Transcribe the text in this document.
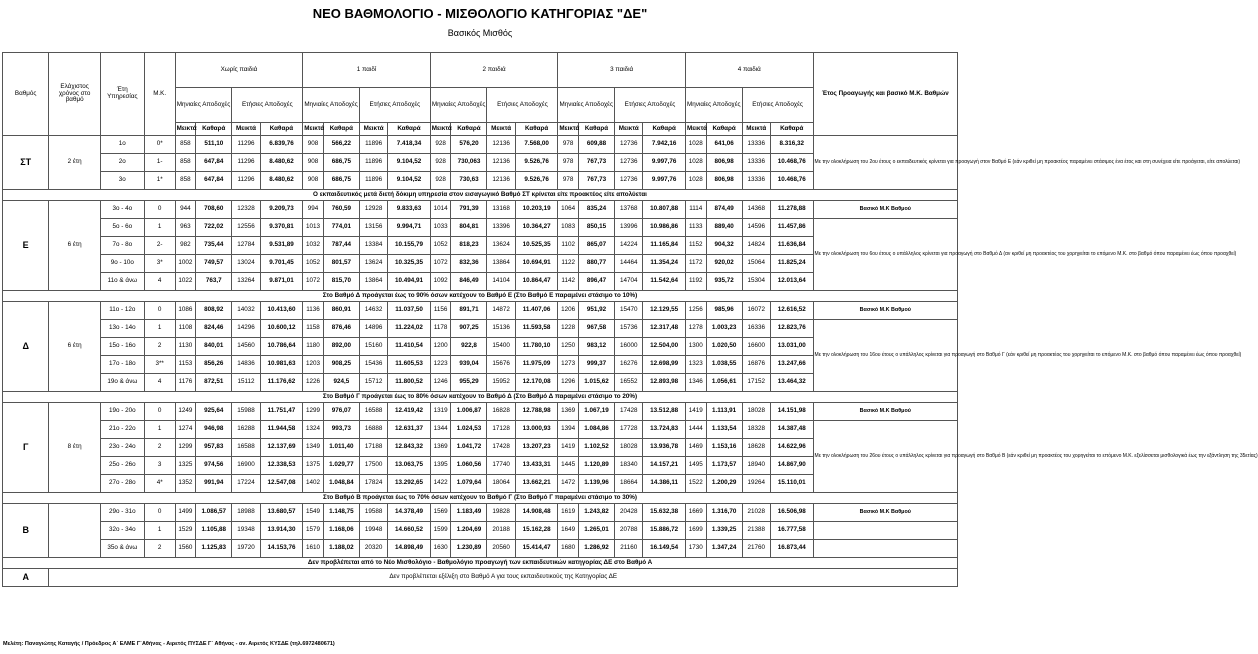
ΝΕΟ ΒΑΘΜΟΛΟΓΙΟ - ΜΙΣΘΟΛΟΓΙΟ ΚΑΤΗΓΟΡΙΑΣ "ΔΕ"
Βασικός Μισθός
Βαθμός	Ελάχιστος χρόνος στο βαθμό	Έτη Υπηρεσίας	Μ.Κ.	Χωρίς παιδιά				1 παιδί				2 παιδιά				3 παιδιά				4 παιδιά				Έτος Προαγωγής και βασικό Μ.Κ. Βαθμών
				Μηνιαίες Αποδοχές		Ετήσιες Αποδοχές		Μηνιαίες Αποδοχές		Ετήσιες Αποδοχές		Μηνιαίες Αποδοχές		Ετήσιες Αποδοχές		Μηνιαίες Αποδοχές		Ετήσιες Αποδοχές		Μηνιαίες Αποδοχές		Ετήσιες Αποδοχές		
				Μεικτά	Καθαρά	Μεικτά	Καθαρά	Μεικτά	Καθαρά	Μεικτά	Καθαρά	Μεικτά	Καθαρά	Μεικτά	Καθαρά	Μεικτά	Καθαρά	Μεικτά	Καθαρά	Μεικτά	Καθαρά	Μεικτά	Καθαρά	
ΣΤ	2 έτη	1ο	0*	858	511,10	11296	6.839,76	908	566,22	11896	7.418,34	928	576,20	12136	7.568,00	978	609,88	12736	7.942,16	1028	641,06	13336	8.316,32	Με την ολοκλήρωση του 2ου έτους ο εκπαιδευτικός κρίνεται για προαγωγή στον Βαθμό Ε (εάν κριθεί μη προακτέος παραμένει στάσιμος ένα έτος και στη συνέχεια είτε προάγεται, είτε απολύεται)
		2ο	1-	858	647,84	11296	8.480,62	908	686,75	11896	9.104,52	928	730,063	12136	9.526,76	978	767,73	12736	9.997,76	1028	806,98	13336	10.468,76	
		3ο	1*	858	647,84	11296	8.480,62	908	686,75	11896	9.104,52	928	730,63	12136	9.526,76	978	767,73	12736	9.997,76	1028	806,98	13336	10.468,76	
Ο εκπαιδευτικός μετά διετή δόκιμη υπηρεσία στον εισαγωγικό Βαθμό ΣΤ κρίνεται είτε προακτέος είτε απολύεται																								
Ε	6 έτη	3ο - 4ο	0	944	708,60	12328	9.209,73	994	760,59	12928	9.833,63	1014	791,39	13168	10.203,19	1064	835,24	13768	10.807,88	1114	874,49	14368	11.278,88	Βασικό Μ.Κ Βαθμού
		5ο - 6ο	1	963	722,02	12556	9.370,81	1013	774,01	13156	9.994,71	1033	804,81	13396	10.364,27	1083	850,15	13996	10.986,86	1133	889,40	14596	11.457,86	Με την ολοκλήρωση του 6ου έτους ο υπάλληλος κρίνεται για προαγωγή στο Βαθμό Δ (αν κριθεί μη προακτέος του χορηγείται το επόμενο Μ.Κ. στο βαθμό όπου παραμένει έως όπου προαχθεί)
		7ο - 8ο	2-	982	735,44	12784	9.531,89	1032	787,44	13384	10.155,79	1052	818,23	13624	10.525,35	1102	865,07	14224	11.165,84	1152	904,32	14824	11.636,84	
		9ο - 10ο	3*	1002	749,57	13024	9.701,45	1052	801,57	13624	10.325,35	1072	832,36	13864	10.694,91	1122	880,77	14464	11.354,24	1172	920,02	15064	11.825,24	
		11ο & άνω	4	1022	763,7	13264	9.871,01	1072	815,70	13864	10.494,91	1092	846,49	14104	10.864,47	1142	896,47	14704	11.542,64	1192	935,72	15304	12.013,64	
Στο Βαθμό Δ προάγεται έως το 90% όσων κατέχουν το Βαθμό Ε (Στο Βαθμό Ε παραμένει στάσιμο το 10%)																								
Δ	6 έτη	11ο - 12ο	0	1086	808,92	14032	10.413,60	1136	860,91	14632	11.037,50	1156	891,71	14872	11.407,06	1206	951,92	15470	12.129,55	1256	985,96	16072	12.616,52	Βασικό Μ.Κ Βαθμού
		13ο - 14ο	1	1108	824,46	14296	10.600,12	1158	876,46	14896	11.224,02	1178	907,25	15136	11.593,58	1228	967,58	15736	12.317,48	1278	1.003,23	16336	12.823,76	Με την ολοκλήρωση του 16ου έτους ο υπάλληλος κρίνεται για προαγωγή στο Βαθμό Γ (εάν κριθεί μη προακτέος του χορηγείται το επόμενο Μ.Κ. στο βαθμό όπου παραμένει έως όπου προαχθεί)
		15ο - 16ο	2	1130	840,01	14560	10.786,64	1180	892,00	15160	11.410,54	1200	922,8	15400	11.780,10	1250	983,12	16000	12.504,00	1300	1.020,50	16600	13.031,00	
		17ο - 18ο	3**	1153	856,26	14836	10.981,63	1203	908,25	15436	11.605,53	1223	939,04	15676	11.975,09	1273	999,37	16276	12.698,99	1323	1.038,55	16876	13.247,66	
		19ο & άνω	4	1176	872,51	15112	11.176,62	1226	924,5	15712	11.800,52	1246	955,29	15952	12.170,08	1296	1.015,62	16552	12.893,98	1346	1.056,61	17152	13.464,32	
Στο Βαθμό Γ προάγεται έως το 80% όσων κατέχουν το Βαθμό Δ (Στο Βαθμό Δ παραμένει στάσιμο το 20%)																								
Γ	8 έτη	19ο - 20ο	0	1249	925,64	15988	11.751,47	1299	976,07	16588	12.419,42	1319	1.006,87	16828	12.788,98	1369	1.067,19	17428	13.512,88	1419	1.113,91	18028	14.151,98	Βασικό Μ.Κ Βαθμού
		21ο - 22ο	1	1274	946,98	16288	11.944,58	1324	993,73	16888	12.631,37	1344	1.024,53	17128	13.000,93	1394	1.084,86	17728	13.724,83	1444	1.133,54	18328	14.387,48	Με την ολοκλήρωση του 26ου έτους ο υπάλληλος κρίνεται για προαγωγή στο Βαθμό Β (εάν κριθεί μη προακτέος του χορηγείται το επόμενο Μ.Κ. εξελίσσεται μισθολογικά έως την εξάντληση της 35ετίας)
		23ο - 24ο	2	1299	957,83	16588	12.137,69	1349	1.011,40	17188	12.843,32	1369	1.041,72	17428	13.207,23	1419	1.102,52	18028	13.936,78	1469	1.153,16	18628	14.622,96	
		25ο - 26ο	3	1325	974,56	16900	12.338,53	1375	1.029,77	17500	13.063,75	1395	1.060,56	17740	13.433,31	1445	1.120,89	18340	14.157,21	1495	1.173,57	18940	14.867,90	
		27ο - 28ο	4*	1352	991,94	17224	12.547,08	1402	1.048,84	17824	13.292,65	1422	1.079,64	18064	13.662,21	1472	1.139,96	18664	14.386,11	1522	1.200,29	19264	15.110,01	
Στο Βαθμό Β προάγεται έως το 70% όσων κατέχουν το Βαθμό Γ (Στο Βαθμό Γ παραμένει στάσιμο το 30%)																								
Β		29ο - 31ο	0	1499	1.086,57	18988	13.680,57	1549	1.148,75	19588	14.378,49	1569	1.183,49	19828	14.908,48	1619	1.243,82	20428	15.632,38	1669	1.316,70	21028	16.506,98	Βασικό Μ.Κ Βαθμού
		32ο - 34ο	1	1529	1.105,88	19348	13.914,30	1579	1.168,06	19948	14.660,52	1599	1.204,69	20188	15.162,28	1649	1.265,01	20788	15.886,72	1699	1.339,25	21388	16.777,58	
		35ο & άνω	2	1560	1.125,83	19720	14.153,76	1610	1.188,02	20320	14.898,49	1630	1.230,89	20560	15.414,47	1680	1.286,92	21160	16.149,54	1730	1.347,24	21760	16.873,44	
Δεν προβλέπεται από το Νέο Μισθολόγιο - Βαθμολόγιο προαγωγή των εκπαιδευτικών κατηγορίας ΔΕ στο Βαθμό Α																								
Α	Δεν προβλέπεται εξέλιξη στο Βαθμό Α για τους εκπαιδευτικούς της Κατηγορίας ΔΕ																							
Μελέτη: Παναγιώτης Καταγής / Πρόεδρος Α΄ ΕΛΜΕ Γ΄Αθήνας - Αιρετός ΠΥΣΔΕ Γ΄ Αθήνας - αν. Αιρετός ΚΥΣΔΕ (τηλ.6972480671)
